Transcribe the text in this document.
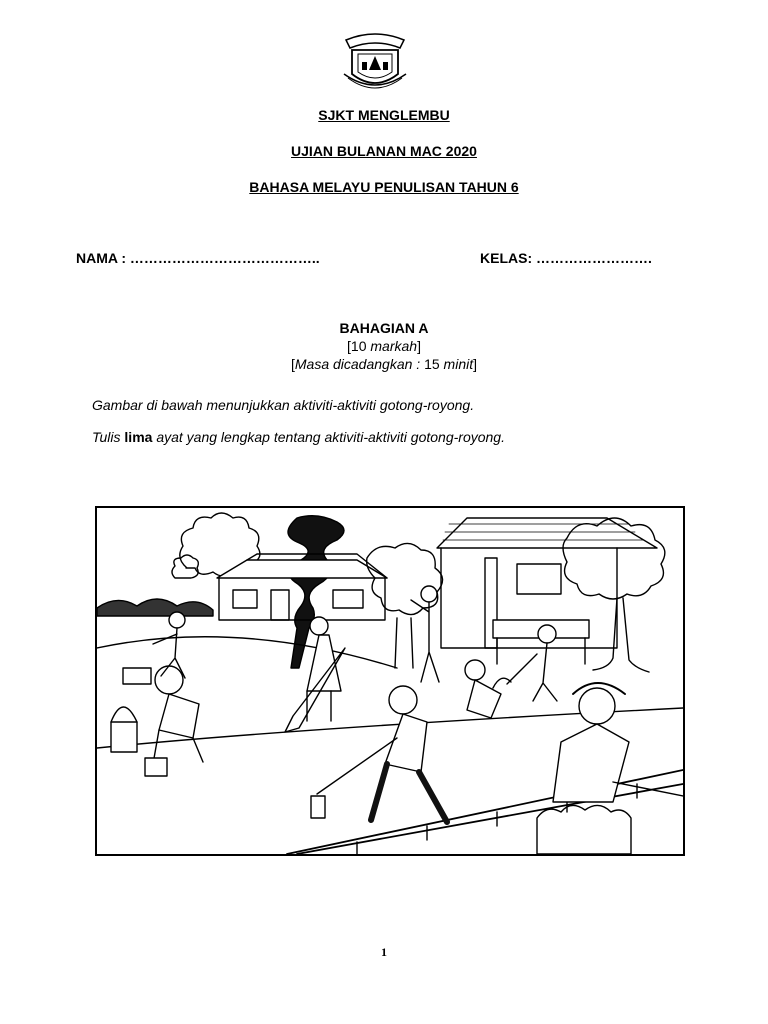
SJKT MENGLEMBU
UJIAN BULANAN MAC 2020
BAHASA MELAYU PENULISAN TAHUN 6
NAMA : …………………………………..	KELAS: …………………….
BAHAGIAN A
[10 markah]
[Masa dicadangkan : 15 minit]
Gambar di bawah menunjukkan aktiviti-aktiviti gotong-royong.
Tulis lima ayat yang lengkap tentang aktiviti-aktiviti gotong-royong.
1
